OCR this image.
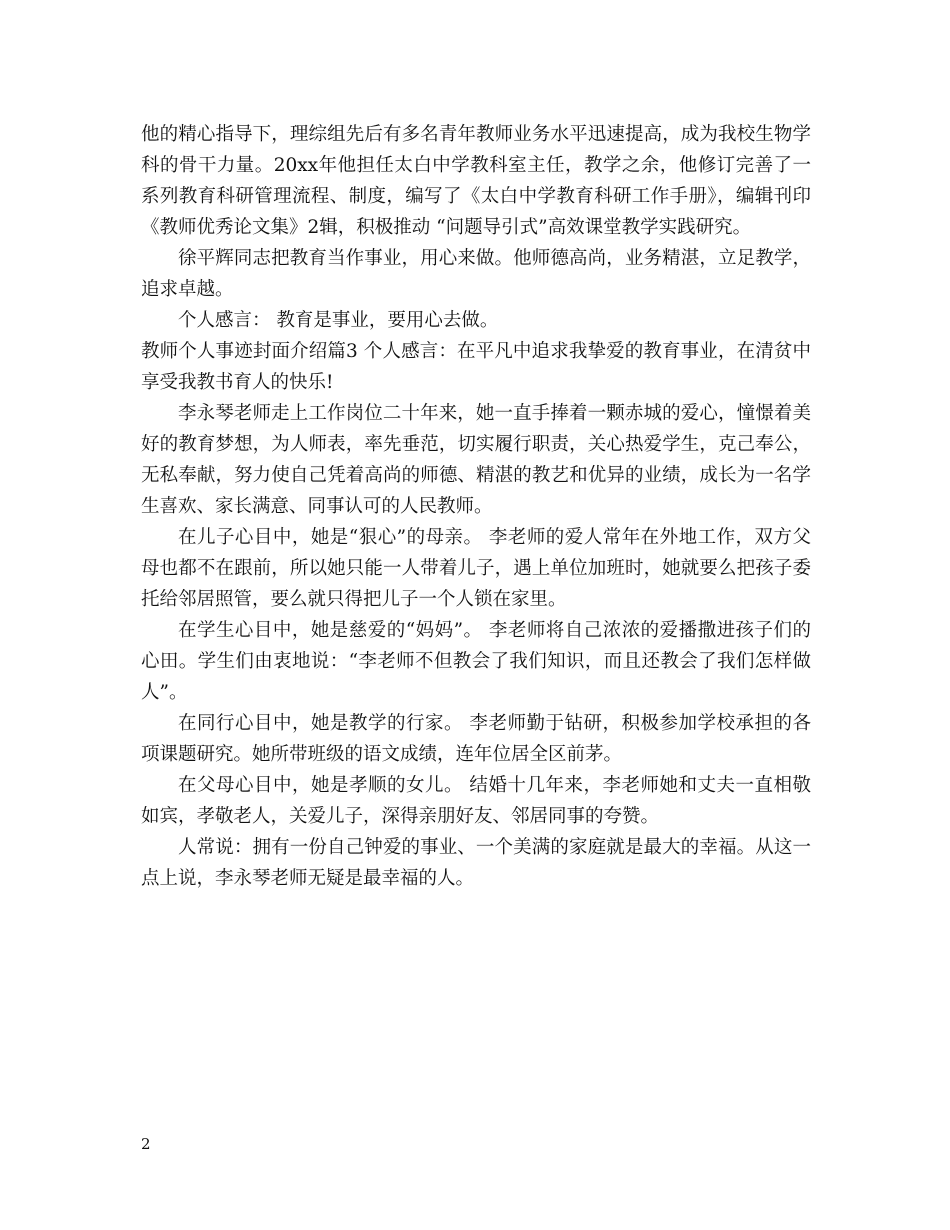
他的精心指导下，理综组先后有多名青年教师业务水平迅速提高，成为我校生物学科的骨干力量。20xx年他担任太白中学教科室主任，教学之余，他修订完善了一系列教育科研管理流程、制度，编写了《太白中学教育科研工作手册》，编辑刊印《教师优秀论文集》2辑，积极推动 “问题导引式”高效课堂教学实践研究。

徐平辉同志把教育当作事业，用心来做。他师德高尚，业务精湛，立足教学，追求卓越。

个人感言： 教育是事业，要用心去做。

教师个人事迹封面介绍篇3 个人感言：在平凡中追求我挚爱的教育事业，在清贫中享受我教书育人的快乐!

李永琴老师走上工作岗位二十年来，她一直手捧着一颗赤城的爱心，憧憬着美好的教育梦想，为人师表，率先垂范，切实履行职责，关心热爱学生，克己奉公，无私奉献，努力使自己凭着高尚的师德、精湛的教艺和优异的业绩，成长为一名学生喜欢、家长满意、同事认可的人民教师。

在儿子心目中，她是“狠心”的母亲。 李老师的爱人常年在外地工作，双方父母也都不在跟前，所以她只能一人带着儿子，遇上单位加班时，她就要么把孩子委托给邻居照管，要么就只得把儿子一个人锁在家里。

在学生心目中，她是慈爱的“妈妈”。 李老师将自己浓浓的爱播撒进孩子们的心田。学生们由衷地说：“李老师不但教会了我们知识，而且还教会了我们怎样做人”。

在同行心目中，她是教学的行家。 李老师勤于钻研，积极参加学校承担的各项课题研究。她所带班级的语文成绩，连年位居全区前茅。

在父母心目中，她是孝顺的女儿。 结婚十几年来，李老师她和丈夫一直相敬如宾，孝敬老人，关爱儿子，深得亲朋好友、邻居同事的夸赞。

人常说：拥有一份自己钟爱的事业、一个美满的家庭就是最大的幸福。从这一点上说，李永琴老师无疑是最幸福的人。

2
